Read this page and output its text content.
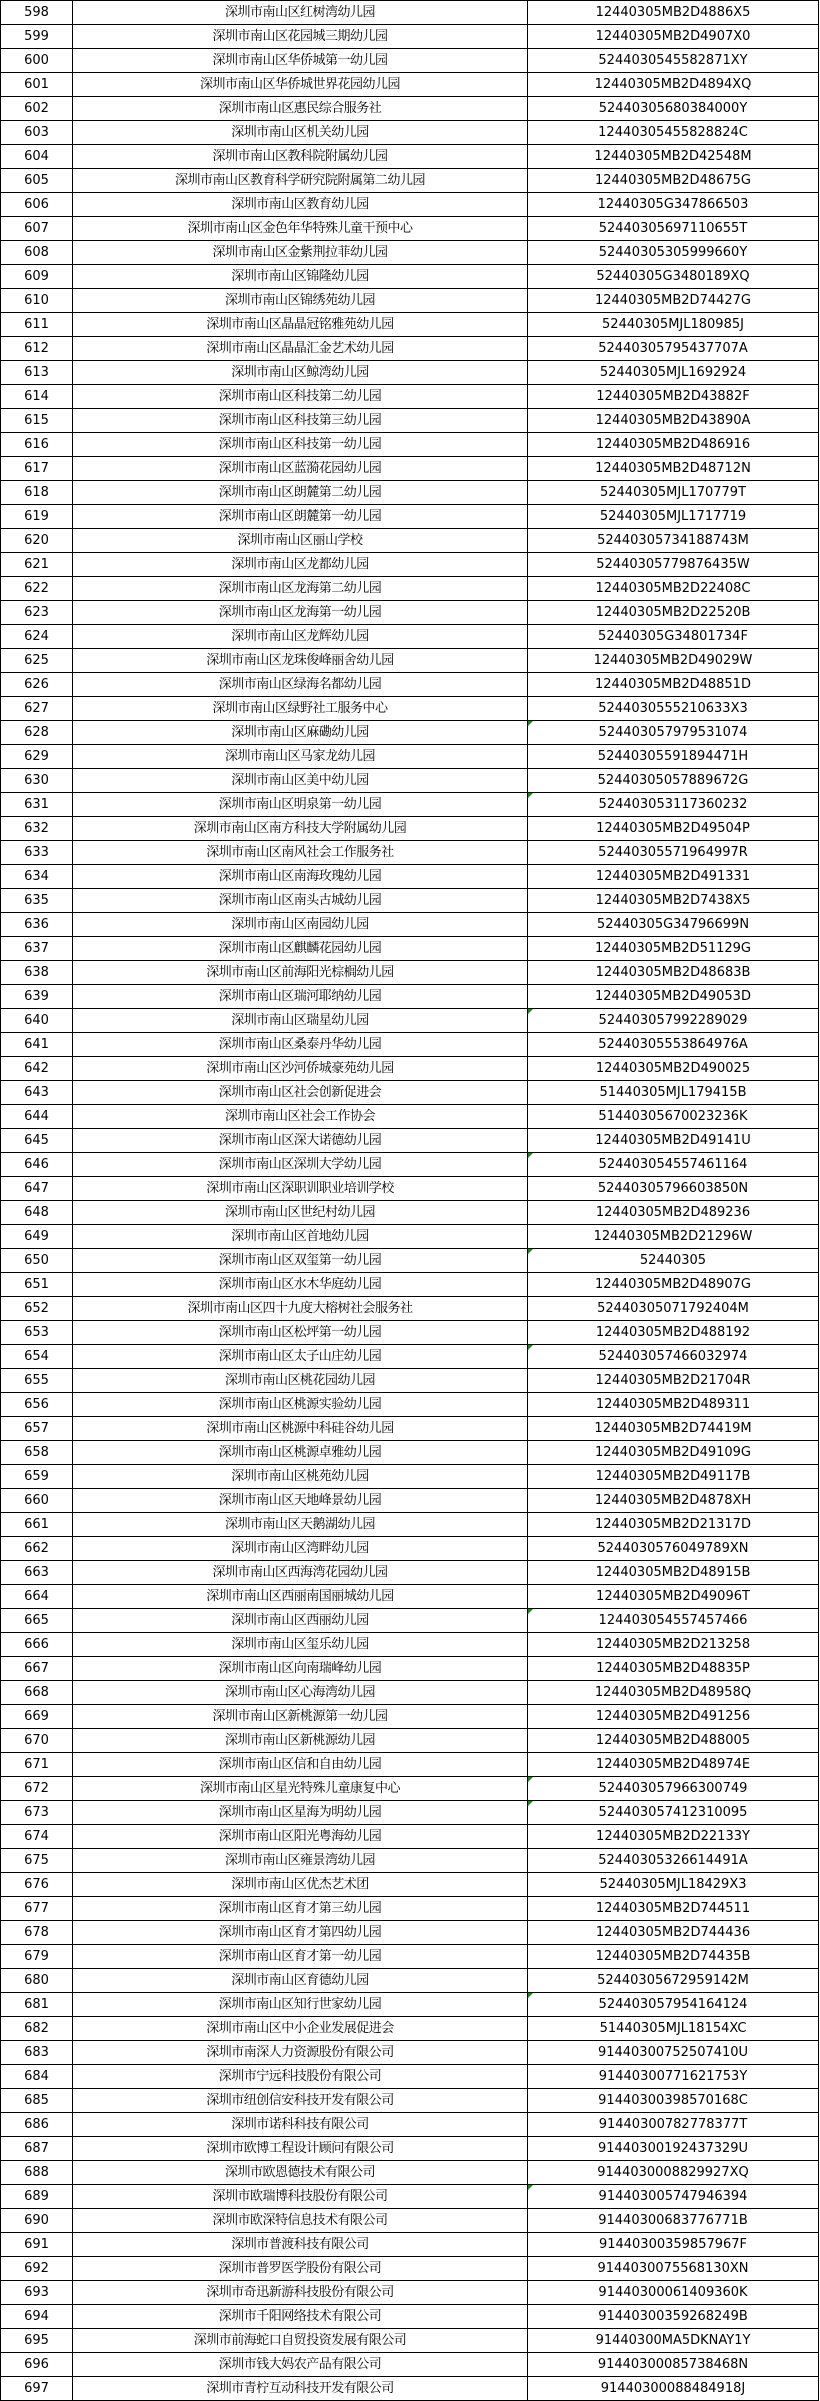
598	深圳市南山区红树湾幼儿园	12440305MB2D4886X5
599	深圳市南山区花园城三期幼儿园	12440305MB2D4907X0
600	深圳市南山区华侨城第一幼儿园	5244030545582871XY
601	深圳市南山区华侨城世界花园幼儿园	12440305MB2D4894XQ
602	深圳市南山区惠民综合服务社	52440305680384000Y
603	深圳市南山区机关幼儿园	12440305455828824C
604	深圳市南山区教科院附属幼儿园	12440305MB2D42548M
605	深圳市南山区教育科学研究院附属第二幼儿园	12440305MB2D48675G
606	深圳市南山区教育幼儿园	12440305G347866503
607	深圳市南山区金色年华特殊儿童干预中心	52440305697110655T
608	深圳市南山区金紫荆拉菲幼儿园	52440305305999660Y
609	深圳市南山区锦隆幼儿园	52440305G3480189XQ
610	深圳市南山区锦绣苑幼儿园	12440305MB2D74427G
611	深圳市南山区晶晶冠铭雅苑幼儿园	52440305MJL180985J
612	深圳市南山区晶晶汇金艺术幼儿园	52440305795437707A
613	深圳市南山区鲸湾幼儿园	52440305MJL1692924
614	深圳市南山区科技第二幼儿园	12440305MB2D43882F
615	深圳市南山区科技第三幼儿园	12440305MB2D43890A
616	深圳市南山区科技第一幼儿园	12440305MB2D486916
617	深圳市南山区蓝漪花园幼儿园	12440305MB2D48712N
618	深圳市南山区朗麓第二幼儿园	52440305MJL170779T
619	深圳市南山区朗麓第一幼儿园	52440305MJL1717719
620	深圳市南山区丽山学校	52440305734188743M
621	深圳市南山区龙都幼儿园	52440305779876435W
622	深圳市南山区龙海第二幼儿园	12440305MB2D22408C
623	深圳市南山区龙海第一幼儿园	12440305MB2D22520B
624	深圳市南山区龙辉幼儿园	52440305G34801734F
625	深圳市南山区龙珠俊峰丽舍幼儿园	12440305MB2D49029W
626	深圳市南山区绿海名都幼儿园	12440305MB2D48851D
627	深圳市南山区绿野社工服务中心	5244030555210633X3
628	深圳市南山区麻磡幼儿园	524403057979531074
629	深圳市南山区马家龙幼儿园	52440305591894471H
630	深圳市南山区美中幼儿园	52440305057889672G
631	深圳市南山区明泉第一幼儿园	524403053117360232
632	深圳市南山区南方科技大学附属幼儿园	12440305MB2D49504P
633	深圳市南山区南风社会工作服务社	52440305571964997R
634	深圳市南山区南海玫瑰幼儿园	12440305MB2D491331
635	深圳市南山区南头古城幼儿园	12440305MB2D7438X5
636	深圳市南山区南园幼儿园	52440305G34796699N
637	深圳市南山区麒麟花园幼儿园	12440305MB2D51129G
638	深圳市南山区前海阳光棕榈幼儿园	12440305MB2D48683B
639	深圳市南山区瑞河耶纳幼儿园	12440305MB2D49053D
640	深圳市南山区瑞星幼儿园	524403057992289029
641	深圳市南山区桑泰丹华幼儿园	52440305553864976A
642	深圳市南山区沙河侨城豪苑幼儿园	12440305MB2D490025
643	深圳市南山区社会创新促进会	51440305MJL179415B
644	深圳市南山区社会工作协会	51440305670023236K
645	深圳市南山区深大诺德幼儿园	12440305MB2D49141U
646	深圳市南山区深圳大学幼儿园	524403054557461164
647	深圳市南山区深职训职业培训学校	52440305796603850N
648	深圳市南山区世纪村幼儿园	12440305MB2D489236
649	深圳市南山区首地幼儿园	12440305MB2D21296W
650	深圳市南山区双玺第一幼儿园	52440305
651	深圳市南山区水木华庭幼儿园	12440305MB2D48907G
652	深圳市南山区四十九度大榕树社会服务社	52440305071792404M
653	深圳市南山区松坪第一幼儿园	12440305MB2D488192
654	深圳市南山区太子山庄幼儿园	524403057466032974
655	深圳市南山区桃花园幼儿园	12440305MB2D21704R
656	深圳市南山区桃源实验幼儿园	12440305MB2D489311
657	深圳市南山区桃源中科硅谷幼儿园	12440305MB2D74419M
658	深圳市南山区桃源卓雅幼儿园	12440305MB2D49109G
659	深圳市南山区桃苑幼儿园	12440305MB2D49117B
660	深圳市南山区天地峰景幼儿园	12440305MB2D4878XH
661	深圳市南山区天鹅湖幼儿园	12440305MB2D21317D
662	深圳市南山区湾畔幼儿园	5244030576049789XN
663	深圳市南山区西海湾花园幼儿园	12440305MB2D48915B
664	深圳市南山区西丽南国丽城幼儿园	12440305MB2D49096T
665	深圳市南山区西丽幼儿园	124403054557457466
666	深圳市南山区玺乐幼儿园	12440305MB2D213258
667	深圳市南山区向南瑞峰幼儿园	12440305MB2D48835P
668	深圳市南山区心海湾幼儿园	12440305MB2D48958Q
669	深圳市南山区新桃源第一幼儿园	12440305MB2D491256
670	深圳市南山区新桃源幼儿园	12440305MB2D488005
671	深圳市南山区信和自由幼儿园	12440305MB2D48974E
672	深圳市南山区星光特殊儿童康复中心	524403057966300749
673	深圳市南山区星海为明幼儿园	524403057412310095
674	深圳市南山区阳光粤海幼儿园	12440305MB2D22133Y
675	深圳市南山区雍景湾幼儿园	52440305326614491A
676	深圳市南山区优杰艺术团	52440305MJL18429X3
677	深圳市南山区育才第三幼儿园	12440305MB2D744511
678	深圳市南山区育才第四幼儿园	12440305MB2D744436
679	深圳市南山区育才第一幼儿园	12440305MB2D74435B
680	深圳市南山区育德幼儿园	52440305672959142M
681	深圳市南山区知行世家幼儿园	524403057954164124
682	深圳市南山区中小企业发展促进会	51440305MJL18154XC
683	深圳市南深人力资源股份有限公司	91440300752507410U
684	深圳市宁远科技股份有限公司	91440300771621753Y
685	深圳市纽创信安科技开发有限公司	91440300398570168C
686	深圳市诺科科技有限公司	91440300782778377T
687	深圳市欧博工程设计顾问有限公司	91440300192437329U
688	深圳市欧恩德技术有限公司	9144030008829927XQ
689	深圳市欧瑞博科技股份有限公司	914403005747946394
690	深圳市欧深特信息技术有限公司	91440300683776771B
691	深圳市普渡科技有限公司	91440300359857967F
692	深圳市普罗医学股份有限公司	9144030075568130XN
693	深圳市奇迅新游科技股份有限公司	91440300061409360K
694	深圳市千阳网络技术有限公司	91440300359268249B
695	深圳市前海蛇口自贸投资发展有限公司	91440300MA5DKNAY1Y
696	深圳市钱大妈农产品有限公司	91440300085738468N
697	深圳市青柠互动科技开发有限公司	91440300088484918J
